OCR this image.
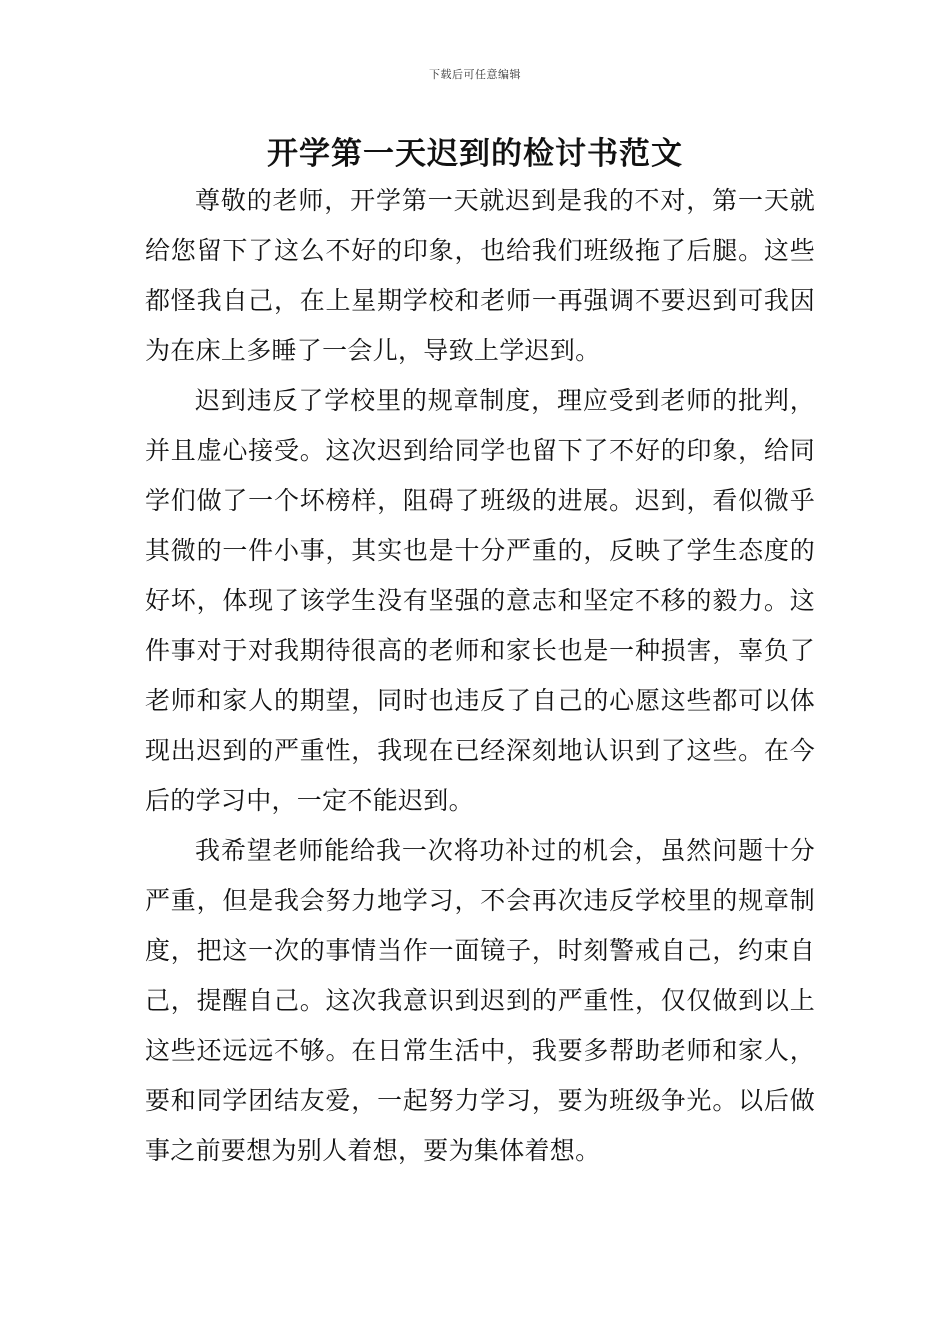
下载后可任意编辑
开学第一天迟到的检讨书范文

尊敬的老师，开学第一天就迟到是我的不对，第一天就给您留下了这么不好的印象，也给我们班级拖了后腿。这些都怪我自己，在上星期学校和老师一再强调不要迟到可我因为在床上多睡了一会儿，导致上学迟到。

迟到违反了学校里的规章制度，理应受到老师的批判，并且虚心接受。这次迟到给同学也留下了不好的印象，给同学们做了一个坏榜样，阻碍了班级的进展。迟到，看似微乎其微的一件小事，其实也是十分严重的，反映了学生态度的好坏，体现了该学生没有坚强的意志和坚定不移的毅力。这件事对于对我期待很高的老师和家长也是一种损害，辜负了老师和家人的期望，同时也违反了自己的心愿这些都可以体现出迟到的严重性，我现在已经深刻地认识到了这些。在今后的学习中，一定不能迟到。

我希望老师能给我一次将功补过的机会，虽然问题十分严重，但是我会努力地学习，不会再次违反学校里的规章制度，把这一次的事情当作一面镜子，时刻警戒自己，约束自己，提醒自己。这次我意识到迟到的严重性，仅仅做到以上这些还远远不够。在日常生活中，我要多帮助老师和家人，要和同学团结友爱，一起努力学习，要为班级争光。以后做事之前要想为别人着想，要为集体着想。
